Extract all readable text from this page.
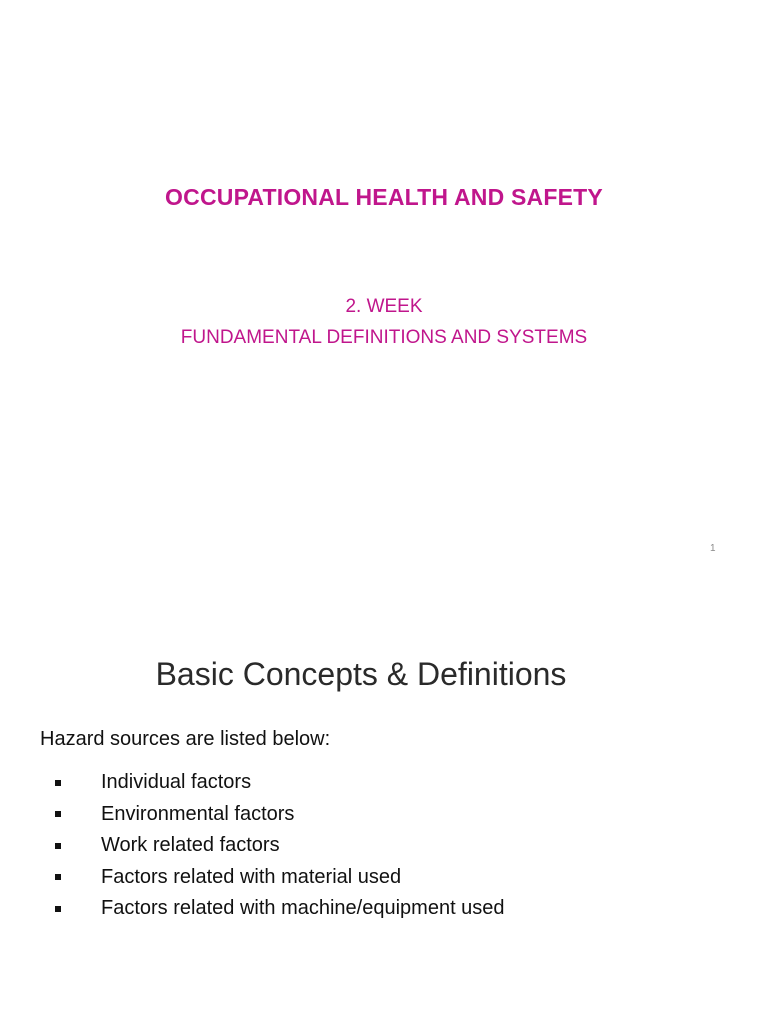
OCCUPATIONAL HEALTH AND SAFETY
2. WEEK
FUNDAMENTAL DEFINITIONS AND SYSTEMS
1
Basic Concepts & Definitions
Hazard sources are listed below:
Individual factors
Environmental factors
Work related factors
Factors related with material used
Factors related with machine/equipment used
